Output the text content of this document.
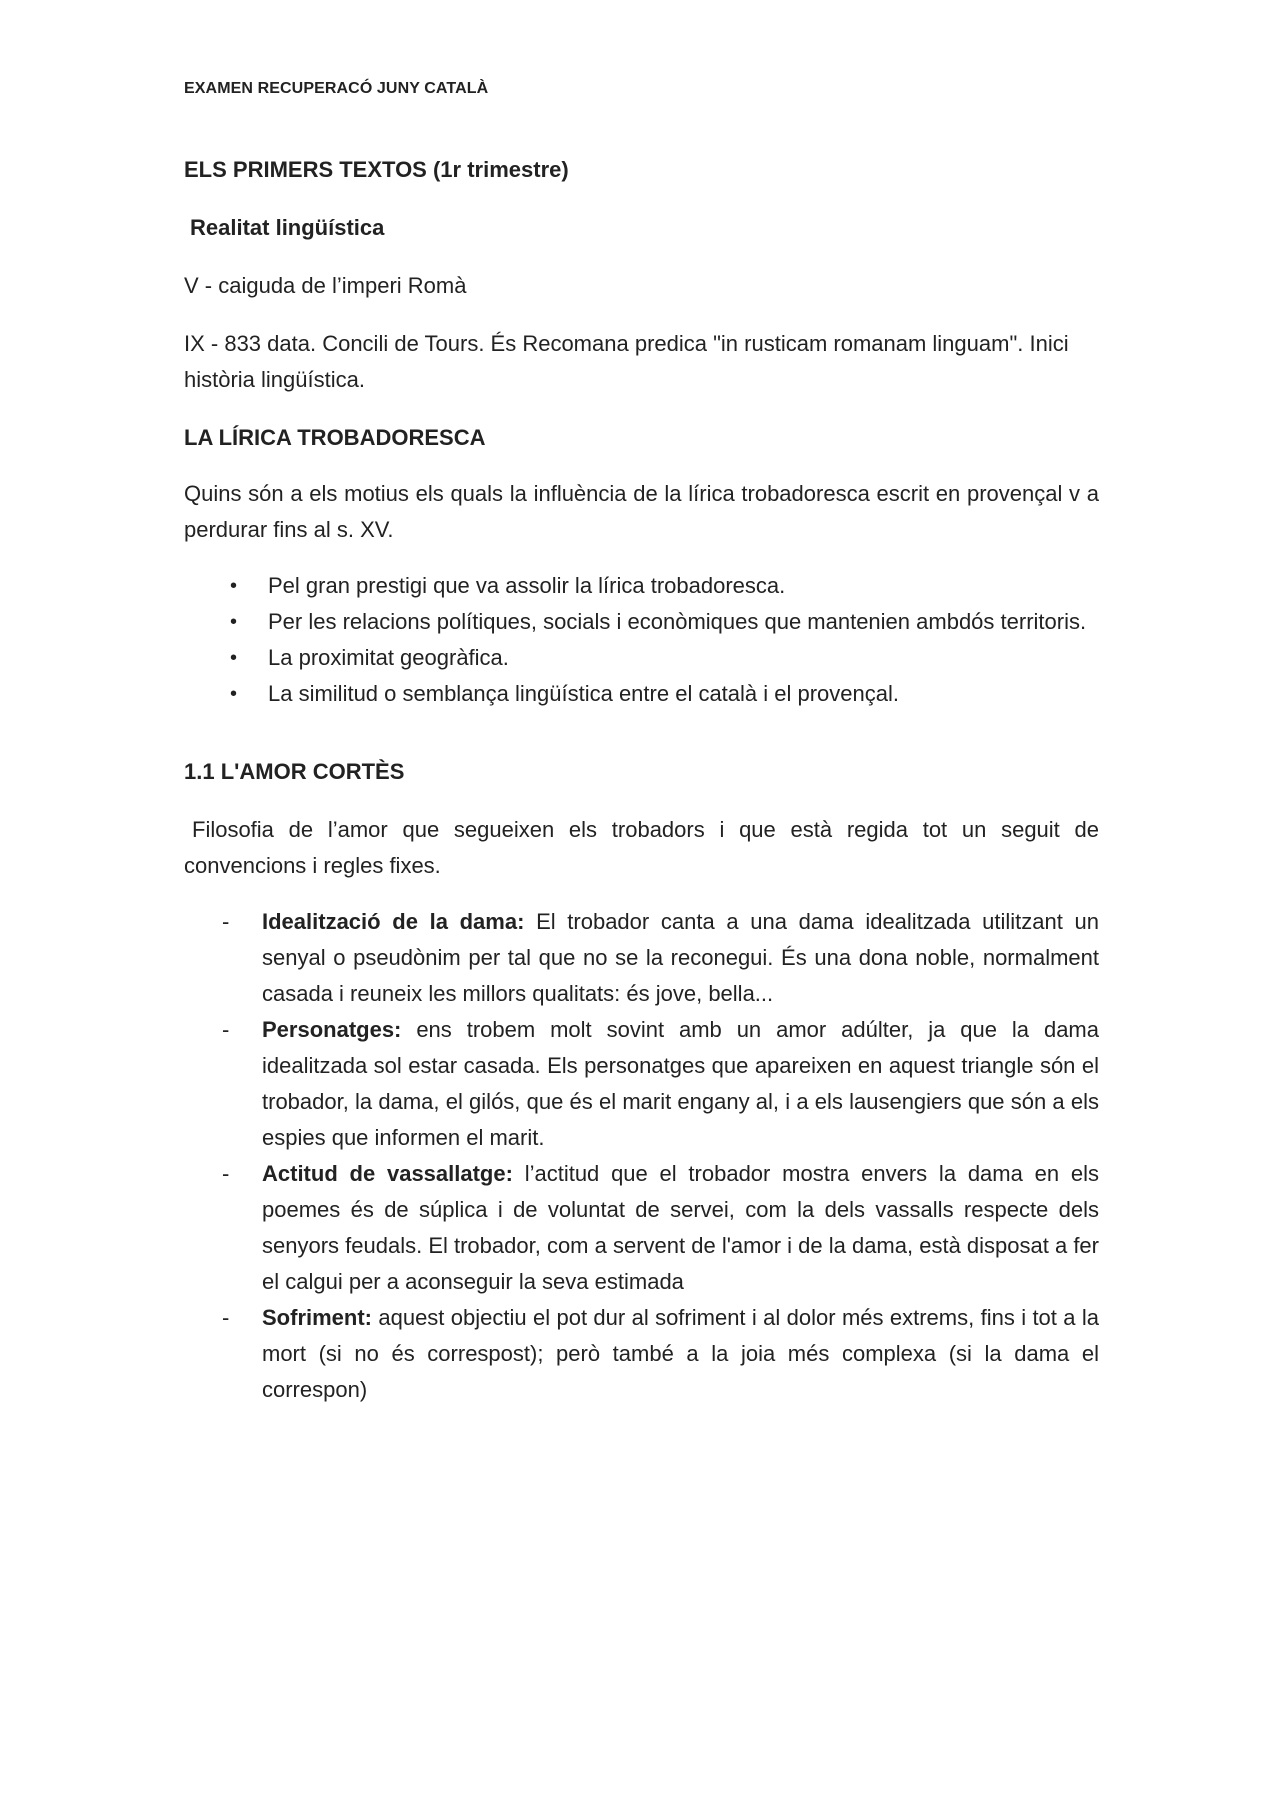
EXAMEN RECUPERACÓ JUNY CATALÀ
ELS PRIMERS TEXTOS (1r trimestre)
Realitat lingüística
V - caiguda de l’imperi Romà
IX - 833 data. Concili de Tours. És Recomana predica "in rusticam romanam linguam". Inici història lingüística.
LA LÍRICA TROBADORESCA
Quins són a els motius els quals la influència de la lírica trobadoresca escrit en provençal v a perdurar fins al s. XV.
• Pel gran prestigi que va assolir la lírica trobadoresca.
• Per les relacions polítiques, socials i econòmiques que mantenien ambdós territoris.
• La proximitat geogràfica.
• La similitud o semblança lingüística entre el català i el provençal.
1.1 L'AMOR CORTÈS
Filosofia de l’amor que segueixen els trobadors i que està regida tot un seguit de convencions i regles fixes.
- Idealització de la dama: El trobador canta a una dama idealitzada utilitzant un senyal o pseudònim per tal que no se la reconegui. És una dona noble, normalment casada i reuneix les millors qualitats: és jove, bella...
- Personatges: ens trobem molt sovint amb un amor adúlter, ja que la dama idealitzada sol estar casada. Els personatges que apareixen en aquest triangle són el trobador, la dama, el gilós, que és el marit engany al, i a els lausengiers que són a els espies que informen el marit.
- Actitud de vassallatge: l’actitud que el trobador mostra envers la dama en els poemes és de súplica i de voluntat de servei, com la dels vassalls respecte dels senyors feudals. El trobador, com a servent de l'amor i de la dama, està disposat a fer el calgui per a aconseguir la seva estimada
- Sofriment: aquest objectiu el pot dur al sofriment i al dolor més extrems, fins i tot a la mort (si no és correspost); però també a la joia més complexa (si la dama el correspon)
